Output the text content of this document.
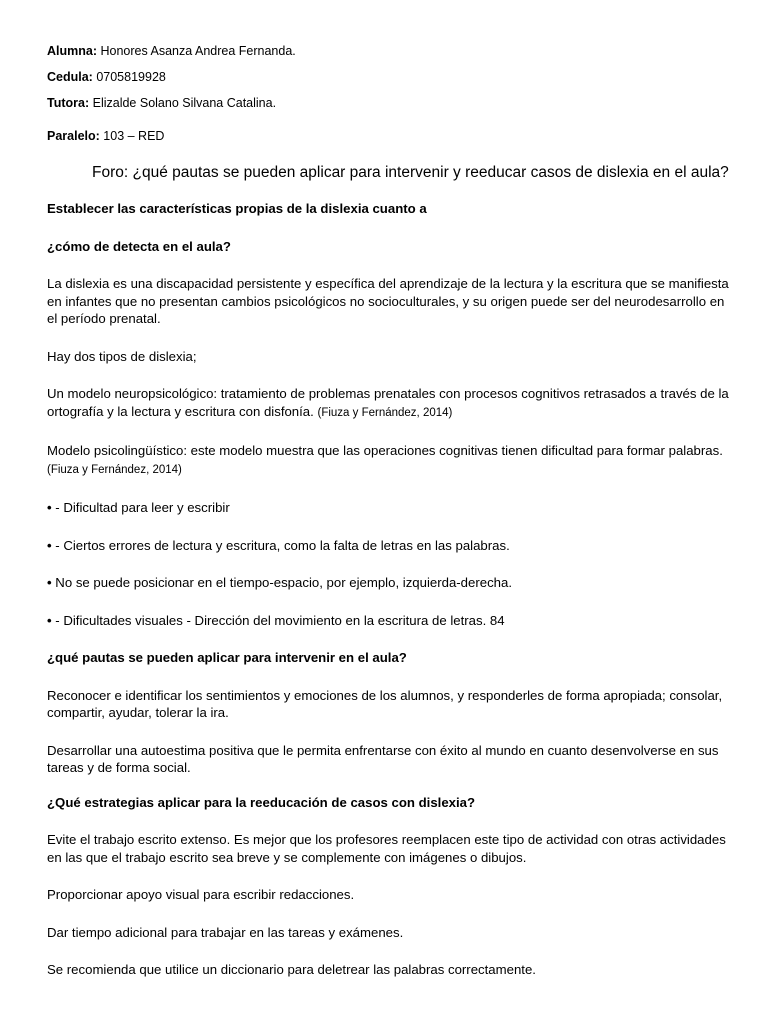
Alumna: Honores Asanza Andrea Fernanda.
Cedula: 0705819928
Tutora: Elizalde Solano Silvana Catalina.
Paralelo: 103 – RED
Foro: ¿qué pautas se pueden aplicar para intervenir y reeducar casos de dislexia en el aula?

Establecer las características propias de la dislexia cuanto a

¿cómo de detecta en el aula?

La dislexia es una discapacidad persistente y específica del aprendizaje de la lectura y la escritura que se manifiesta en infantes que no presentan cambios psicológicos no socioculturales, y su origen puede ser del neurodesarrollo en el período prenatal.

Hay dos tipos de dislexia;

Un modelo neuropsicológico: tratamiento de problemas prenatales con procesos cognitivos retrasados a través de la ortografía y la lectura y escritura con disfonía. (Fiuza y Fernández, 2014)

Modelo psicolingüístico: este modelo muestra que las operaciones cognitivas tienen dificultad para formar palabras. (Fiuza y Fernández, 2014)

• - Dificultad para leer y escribir

• - Ciertos errores de lectura y escritura, como la falta de letras en las palabras.

• No se puede posicionar en el tiempo-espacio, por ejemplo, izquierda-derecha.

• - Dificultades visuales - Dirección del movimiento en la escritura de letras. 84

¿qué pautas se pueden aplicar para intervenir en el aula?

Reconocer e identificar los sentimientos y emociones de los alumnos, y responderles de forma apropiada; consolar, compartir, ayudar, tolerar la ira.

Desarrollar una autoestima positiva que le permita enfrentarse con éxito al mundo en cuanto desenvolverse en sus tareas y de forma social.

¿Qué estrategias aplicar para la reeducación de casos con dislexia?

Evite el trabajo escrito extenso. Es mejor que los profesores reemplacen este tipo de actividad con otras actividades en las que el trabajo escrito sea breve y se complemente con imágenes o dibujos.

Proporcionar apoyo visual para escribir redacciones.

Dar tiempo adicional para trabajar en las tareas y exámenes.

Se recomienda que utilice un diccionario para deletrear las palabras correctamente.
